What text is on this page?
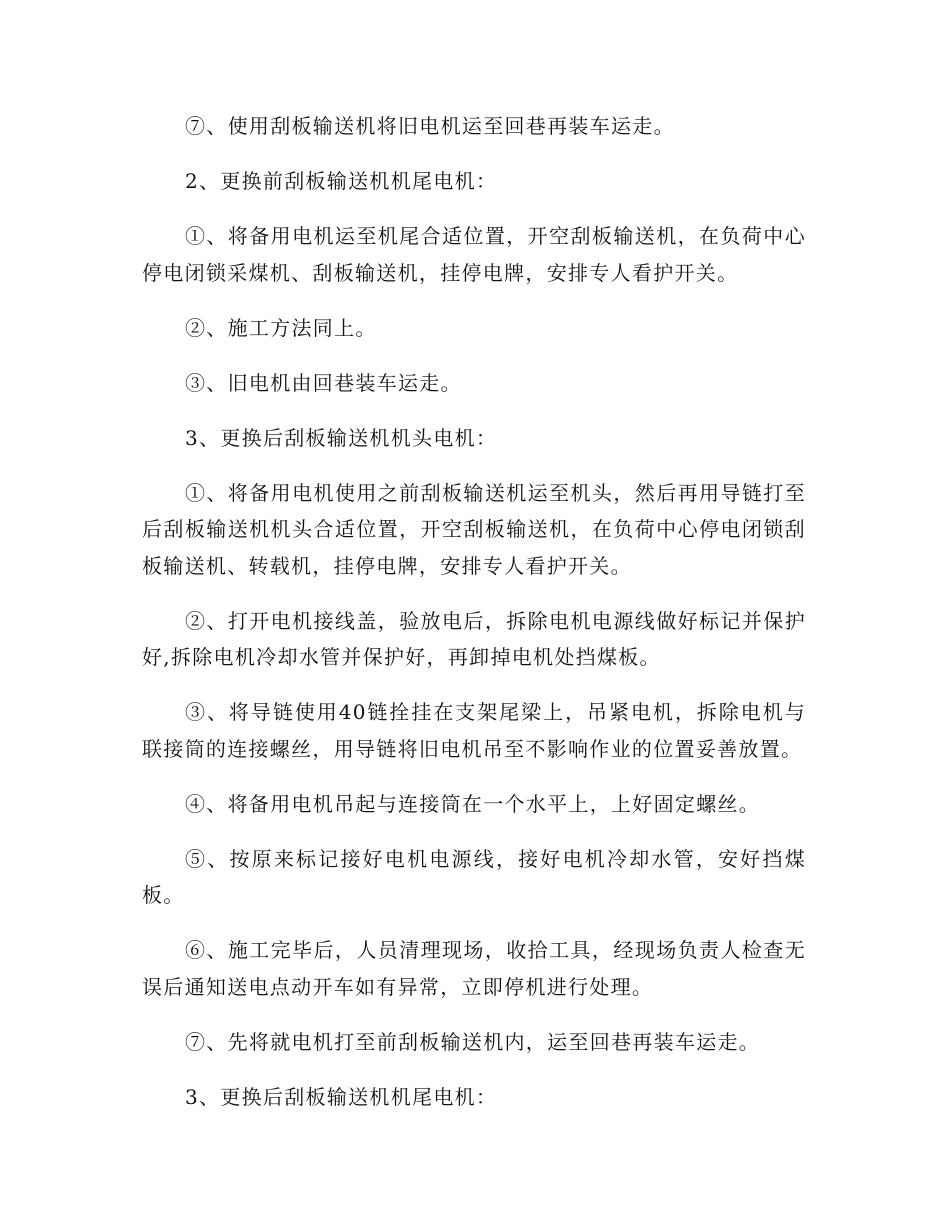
⑦、使用刮板输送机将旧电机运至回巷再装车运走。

2、更换前刮板输送机机尾电机：

①、将备用电机运至机尾合适位置，开空刮板输送机，在负荷中心停电闭锁采煤机、刮板输送机，挂停电牌，安排专人看护开关。

②、施工方法同上。

③、旧电机由回巷装车运走。

3、更换后刮板输送机机头电机：

①、将备用电机使用之前刮板输送机运至机头，然后再用导链打至后刮板输送机机头合适位置，开空刮板输送机，在负荷中心停电闭锁刮板输送机、转载机，挂停电牌，安排专人看护开关。

②、打开电机接线盖，验放电后，拆除电机电源线做好标记并保护好,拆除电机冷却水管并保护好，再卸掉电机处挡煤板。

③、将导链使用40链拴挂在支架尾梁上，吊紧电机，拆除电机与联接筒的连接螺丝，用导链将旧电机吊至不影响作业的位置妥善放置。

④、将备用电机吊起与连接筒在一个水平上，上好固定螺丝。

⑤、按原来标记接好电机电源线，接好电机冷却水管，安好挡煤板。

⑥、施工完毕后，人员清理现场，收拾工具，经现场负责人检查无误后通知送电点动开车如有异常，立即停机进行处理。

⑦、先将就电机打至前刮板输送机内，运至回巷再装车运走。

3、更换后刮板输送机机尾电机：
